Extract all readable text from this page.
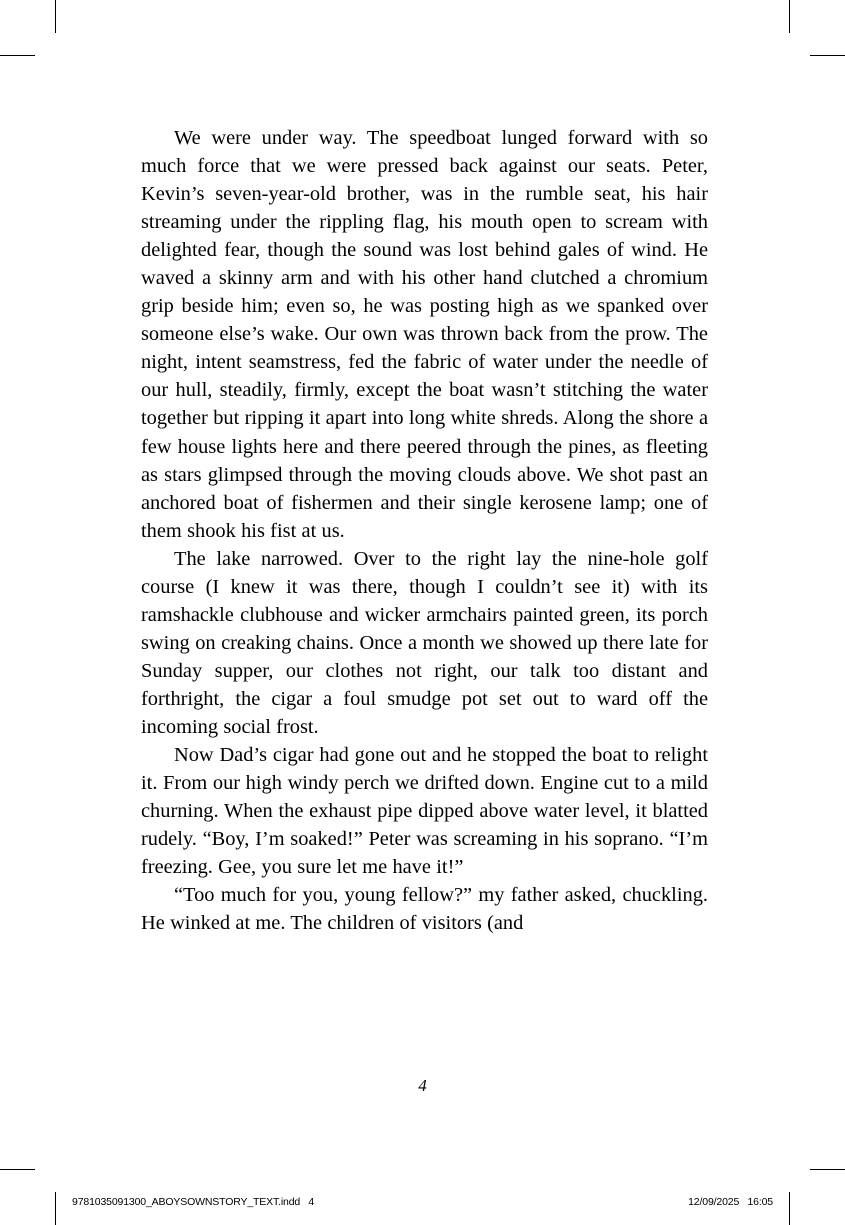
We were under way. The speedboat lunged forward with so much force that we were pressed back against our seats. Peter, Kevin’s seven-year-old brother, was in the rumble seat, his hair streaming under the rippling flag, his mouth open to scream with delighted fear, though the sound was lost behind gales of wind. He waved a skinny arm and with his other hand clutched a chromium grip beside him; even so, he was posting high as we spanked over someone else’s wake. Our own was thrown back from the prow. The night, intent seamstress, fed the fabric of water under the needle of our hull, steadily, firmly, except the boat wasn’t stitching the water together but ripping it apart into long white shreds. Along the shore a few house lights here and there peered through the pines, as fleeting as stars glimpsed through the moving clouds above. We shot past an anchored boat of fishermen and their single kerosene lamp; one of them shook his fist at us.

The lake narrowed. Over to the right lay the nine-hole golf course (I knew it was there, though I couldn’t see it) with its ramshackle clubhouse and wicker armchairs painted green, its porch swing on creaking chains. Once a month we showed up there late for Sunday supper, our clothes not right, our talk too distant and forthright, the cigar a foul smudge pot set out to ward off the incoming social frost.

Now Dad’s cigar had gone out and he stopped the boat to relight it. From our high windy perch we drifted down. Engine cut to a mild churning. When the exhaust pipe dipped above water level, it blatted rudely. “Boy, I’m soaked!” Peter was screaming in his soprano. “I’m freezing. Gee, you sure let me have it!”

“Too much for you, young fellow?” my father asked, chuckling. He winked at me. The children of visitors (and

4
9781035091300_ABOYSOWNSTORY_TEXT.indd   4	12/09/2025   16:05
